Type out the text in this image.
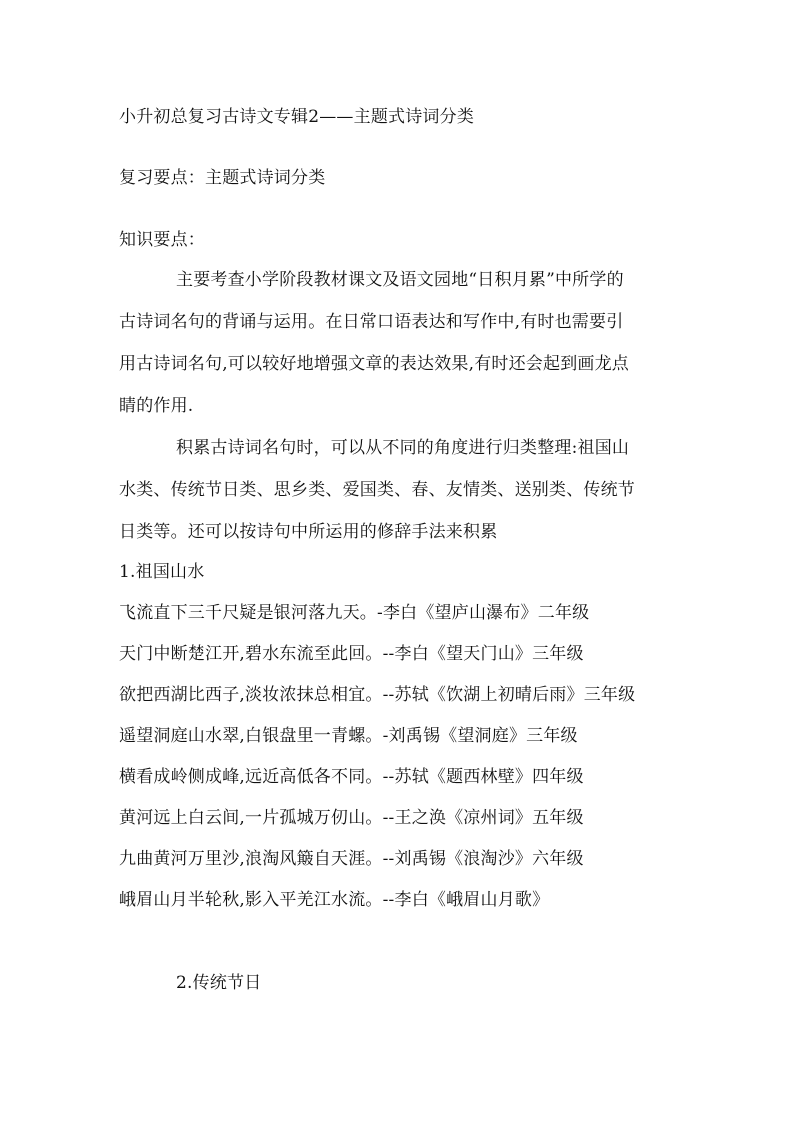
小升初总复习古诗文专辑2——主题式诗词分类
复习要点：主题式诗词分类
知识要点：
主要考查小学阶段教材课文及语文园地“日积月累”中所学的
古诗词名句的背诵与运用。在日常口语表达和写作中,有时也需要引
用古诗词名句,可以较好地增强文章的表达效果,有时还会起到画龙点
睛的作用.
积累古诗词名句时，可以从不同的角度进行归类整理:祖国山
水类、传统节日类、思乡类、爱国类、春、友情类、送别类、传统节
日类等。还可以按诗句中所运用的修辞手法来积累
1.祖国山水
飞流直下三千尺疑是银河落九天。-李白《望庐山瀑布》二年级
天门中断楚江开,碧水东流至此回。--李白《望天门山》三年级
欲把西湖比西子,淡妆浓抹总相宜。--苏轼《饮湖上初晴后雨》三年级
遥望洞庭山水翠,白银盘里一青螺。-刘禹锡《望洞庭》三年级
横看成岭侧成峰,远近高低各不同。--苏轼《题西林壁》四年级
黄河远上白云间,一片孤城万仞山。--王之涣《凉州词》五年级
九曲黄河万里沙,浪淘风簸自天涯。--刘禹锡《浪淘沙》六年级
峨眉山月半轮秋,影入平羌江水流。--李白《峨眉山月歌》
2.传统节日
